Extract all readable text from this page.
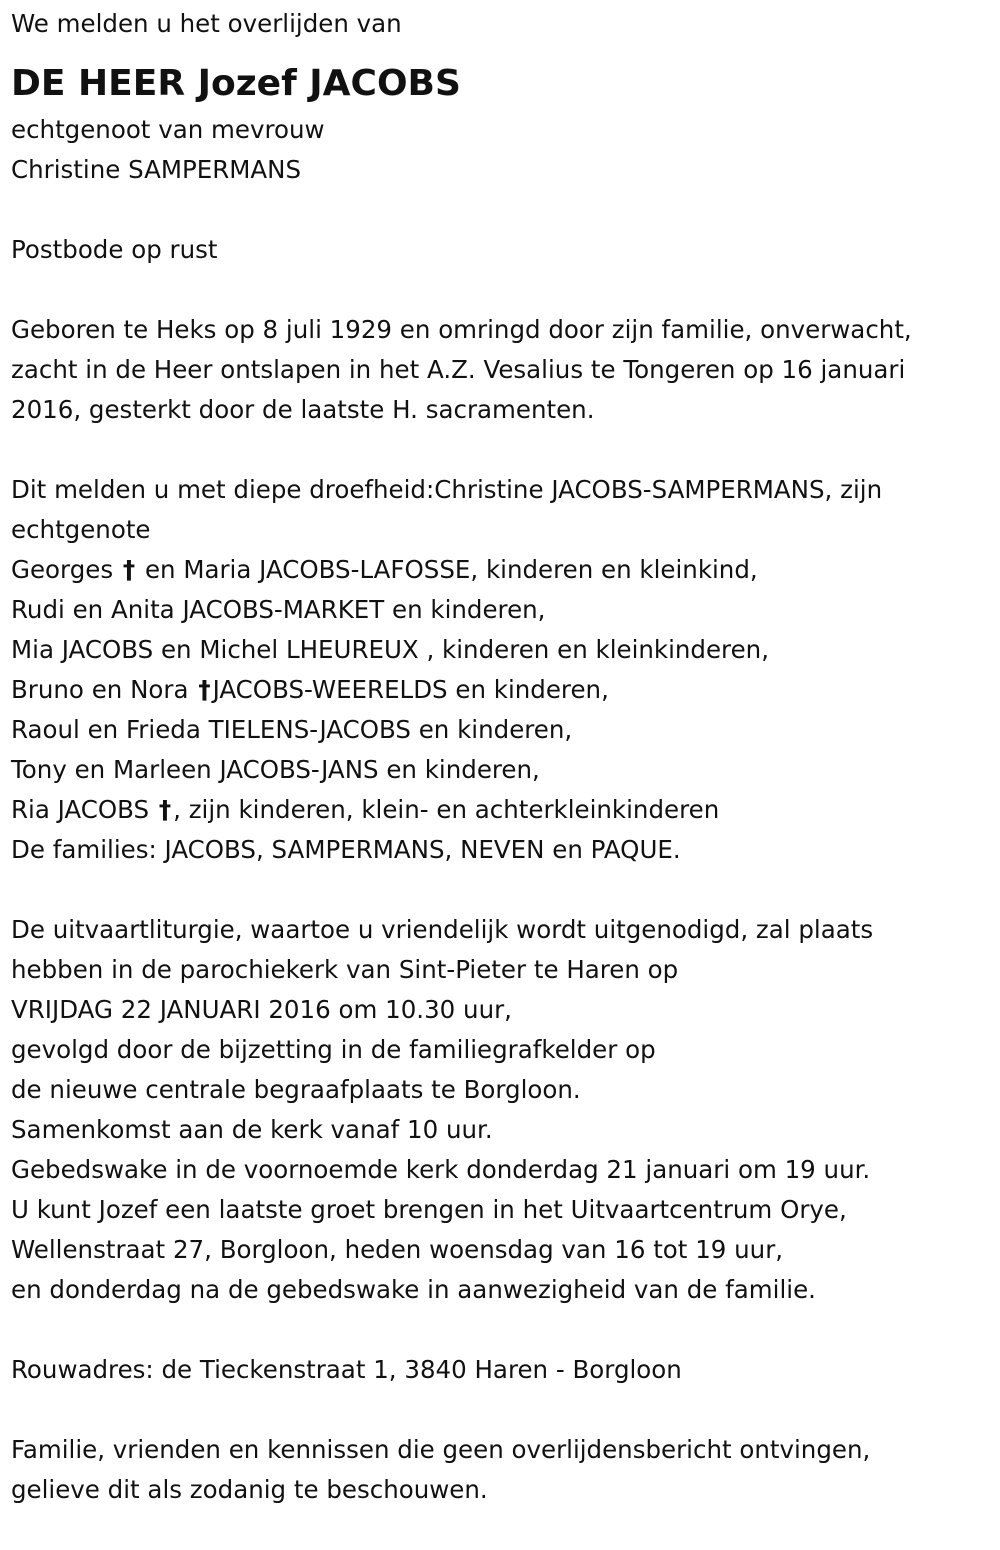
We melden u het overlijden van

DE HEER Jozef JACOBS

echtgenoot van mevrouw

Christine SAMPERMANS

Postbode op rust

Geboren te Heks op 8 juli 1929 en omringd door zijn familie, onverwacht,

zacht in de Heer ontslapen in het A.Z. Vesalius te Tongeren op 16 januari

2016, gesterkt door de laatste H. sacramenten.

Dit melden u met diepe droefheid:Christine JACOBS-SAMPERMANS, zijn

echtgenote

Georges † en Maria JACOBS-LAFOSSE, kinderen en kleinkind,

Rudi en Anita JACOBS-MARKET en kinderen,

Mia JACOBS en Michel LHEUREUX , kinderen en kleinkinderen,

Bruno en Nora †JACOBS-WEERELDS en kinderen,

Raoul en Frieda TIELENS-JACOBS en kinderen,

Tony en Marleen JACOBS-JANS en kinderen,

Ria JACOBS †, zijn kinderen, klein- en achterkleinkinderen

De families: JACOBS, SAMPERMANS, NEVEN en PAQUE.

De uitvaartliturgie, waartoe u vriendelijk wordt uitgenodigd, zal plaats

hebben in de parochiekerk van Sint-Pieter te Haren op

VRIJDAG 22 JANUARI 2016 om 10.30 uur,

gevolgd door de bijzetting in de familiegrafkelder op

de nieuwe centrale begraafplaats te Borgloon.

Samenkomst aan de kerk vanaf 10 uur.

Gebedswake in de voornoemde kerk donderdag 21 januari om 19 uur.

U kunt Jozef een laatste groet brengen in het Uitvaartcentrum Orye,

Wellenstraat 27, Borgloon, heden woensdag van 16 tot 19 uur,

en donderdag na de gebedswake in aanwezigheid van de familie.

Rouwadres: de Tieckenstraat 1, 3840 Haren - Borgloon

Familie, vrienden en kennissen die geen overlijdensbericht ontvingen,

gelieve dit als zodanig te beschouwen.
